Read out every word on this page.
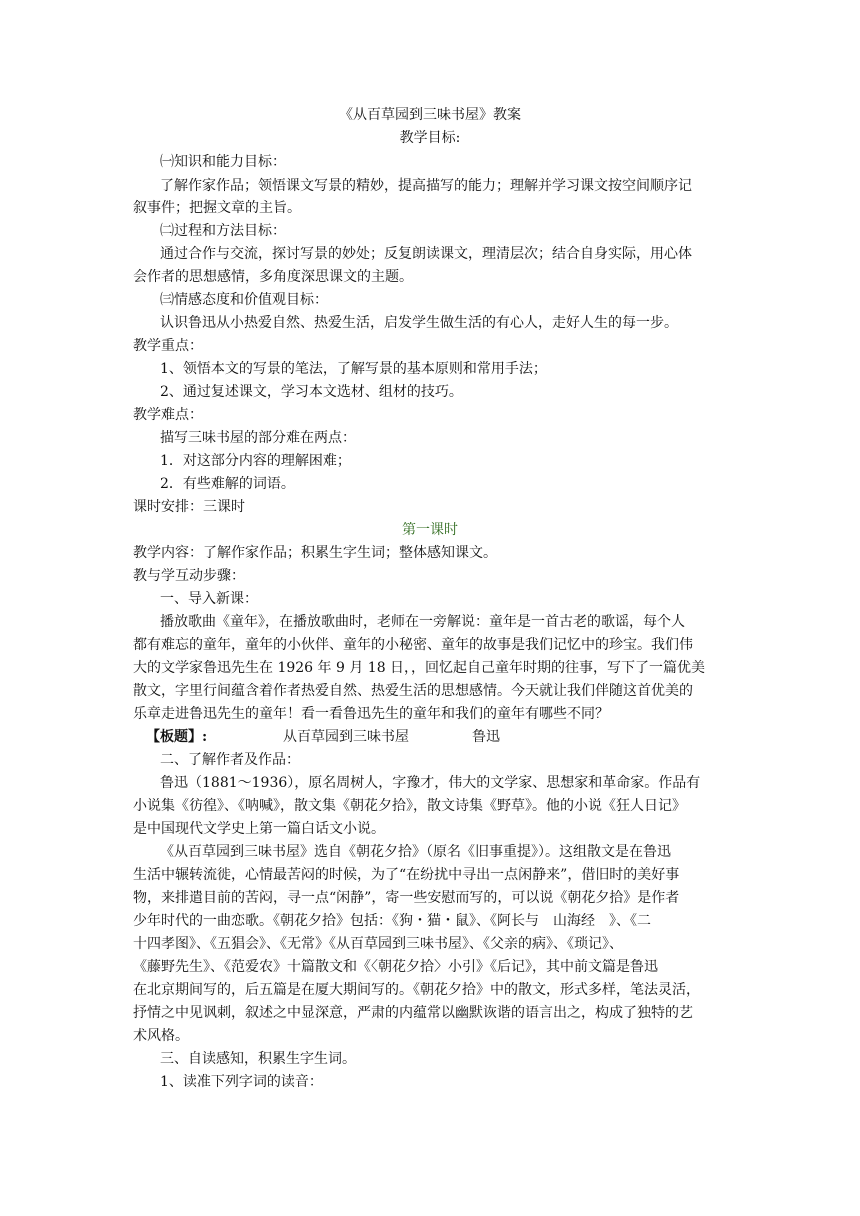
《从百草园到三味书屋》教案
教学目标:
㈠知识和能力目标：
了解作家作品；领悟课文写景的精妙，提高描写的能力；理解并学习课文按空间顺序记
叙事件；把握文章的主旨。
㈡过程和方法目标：
通过合作与交流，探讨写景的妙处；反复朗读课文，理清层次；结合自身实际，用心体
会作者的思想感情，多角度深思课文的主题。
㈢情感态度和价值观目标：
认识鲁迅从小热爱自然、热爱生活，启发学生做生活的有心人，走好人生的每一步。
教学重点：
1、领悟本文的写景的笔法，了解写景的基本原则和常用手法；
2、通过复述课文，学习本文选材、组材的技巧。
教学难点：
描写三味书屋的部分难在两点：
1．对这部分内容的理解困难；
2．有些难解的词语。
课时安排：三课时
第一课时
教学内容：了解作家作品；积累生字生词；整体感知课文。
教与学互动步骤：
一、导入新课：
播放歌曲《童年》，在播放歌曲时，老师在一旁解说：童年是一首古老的歌谣，每个人
都有难忘的童年，童年的小伙伴、童年的小秘密、童年的故事是我们记忆中的珍宝。我们伟
大的文学家鲁迅先生在 1926 年 9 月 18 日，，回忆起自己童年时期的往事，写下了一篇优美
散文，字里行间蕴含着作者热爱自然、热爱生活的思想感情。今天就让我们伴随这首优美的
乐章走进鲁迅先生的童年！看一看鲁迅先生的童年和我们的童年有哪些不同？
【板题】:	从百草园到三味书屋	鲁迅
二、了解作者及作品：
鲁迅（1881～1936），原名周树人，字豫才，伟大的文学家、思想家和革命家。作品有
小说集《彷徨》、《呐喊》，散文集《朝花夕拾》，散文诗集《野草》。他的小说《狂人日记》
是中国现代文学史上第一篇白话文小说。
《从百草园到三味书屋》选自《朝花夕拾》（原名《旧事重提》）。这组散文是在鲁迅
生活中辗转流徙，心情最苦闷的时候，为了“在纷扰中寻出一点闲静来”，借旧时的美好事
物，来排遣目前的苦闷，寻一点“闲静”，寄一些安慰而写的，可以说《朝花夕拾》是作者
少年时代的一曲恋歌。《朝花夕拾》包括：《狗・猫・鼠》、《阿长与　山海经　》、《二
十四孝图》、《五猖会》、《无常》《从百草园到三味书屋》、《父亲的病》、《琐记》、
《藤野先生》、《范爱农》十篇散文和《〈朝花夕拾〉小引》《后记》，其中前文篇是鲁迅
在北京期间写的，后五篇是在厦大期间写的。《朝花夕拾》中的散文，形式多样，笔法灵活，
抒情之中见讽刺，叙述之中显深意，严肃的内蕴常以幽默诙谐的语言出之，构成了独特的艺
术风格。
三、自读感知，积累生字生词。
1、读准下列字词的读音：
